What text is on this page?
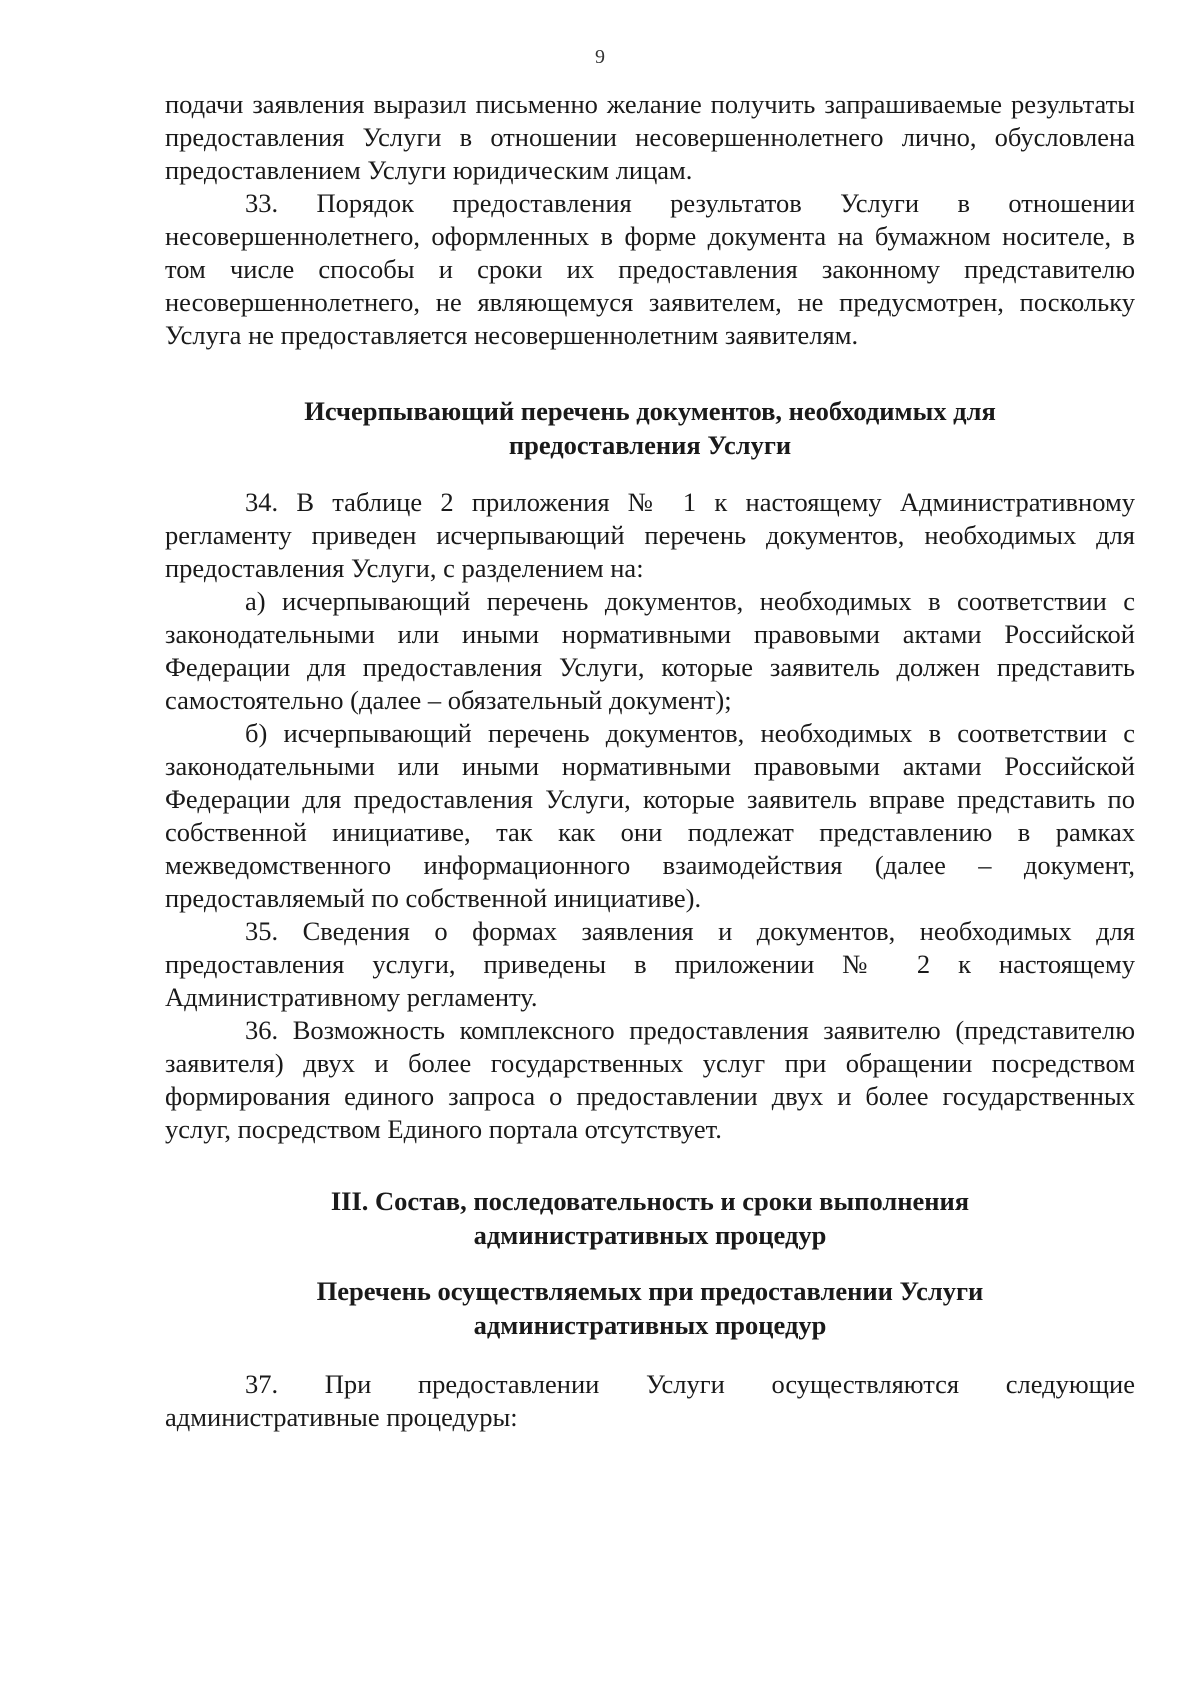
9

подачи заявления выразил письменно желание получить запрашиваемые результаты предоставления Услуги в отношении несовершеннолетнего лично, обусловлена предоставлением Услуги юридическим лицам.

33. Порядок предоставления результатов Услуги в отношении несовершеннолетнего, оформленных в форме документа на бумажном носителе, в том числе способы и сроки их предоставления законному представителю несовершеннолетнего, не являющемуся заявителем, не предусмотрен, поскольку Услуга не предоставляется несовершеннолетним заявителям.

Исчерпывающий перечень документов, необходимых для
предоставления Услуги

34. В таблице 2 приложения № 1 к настоящему Административному регламенту приведен исчерпывающий перечень документов, необходимых для предоставления Услуги, с разделением на:

а) исчерпывающий перечень документов, необходимых в соответствии с законодательными или иными нормативными правовыми актами Российской Федерации для предоставления Услуги, которые заявитель должен представить самостоятельно (далее – обязательный документ);

б) исчерпывающий перечень документов, необходимых в соответствии с законодательными или иными нормативными правовыми актами Российской Федерации для предоставления Услуги, которые заявитель вправе представить по собственной инициативе, так как они подлежат представлению в рамках межведомственного информационного взаимодействия (далее – документ, предоставляемый по собственной инициативе).

35. Сведения о формах заявления и документов, необходимых для предоставления услуги, приведены в приложении № 2 к настоящему Административному регламенту.

36. Возможность комплексного предоставления заявителю (представителю заявителя) двух и более государственных услуг при обращении посредством формирования единого запроса о предоставлении двух и более государственных услуг, посредством Единого портала отсутствует.

III. Состав, последовательность и сроки выполнения
административных процедур
Перечень осуществляемых при предоставлении Услуги
административных процедур

37. При предоставлении Услуги осуществляются следующие административные процедуры:
